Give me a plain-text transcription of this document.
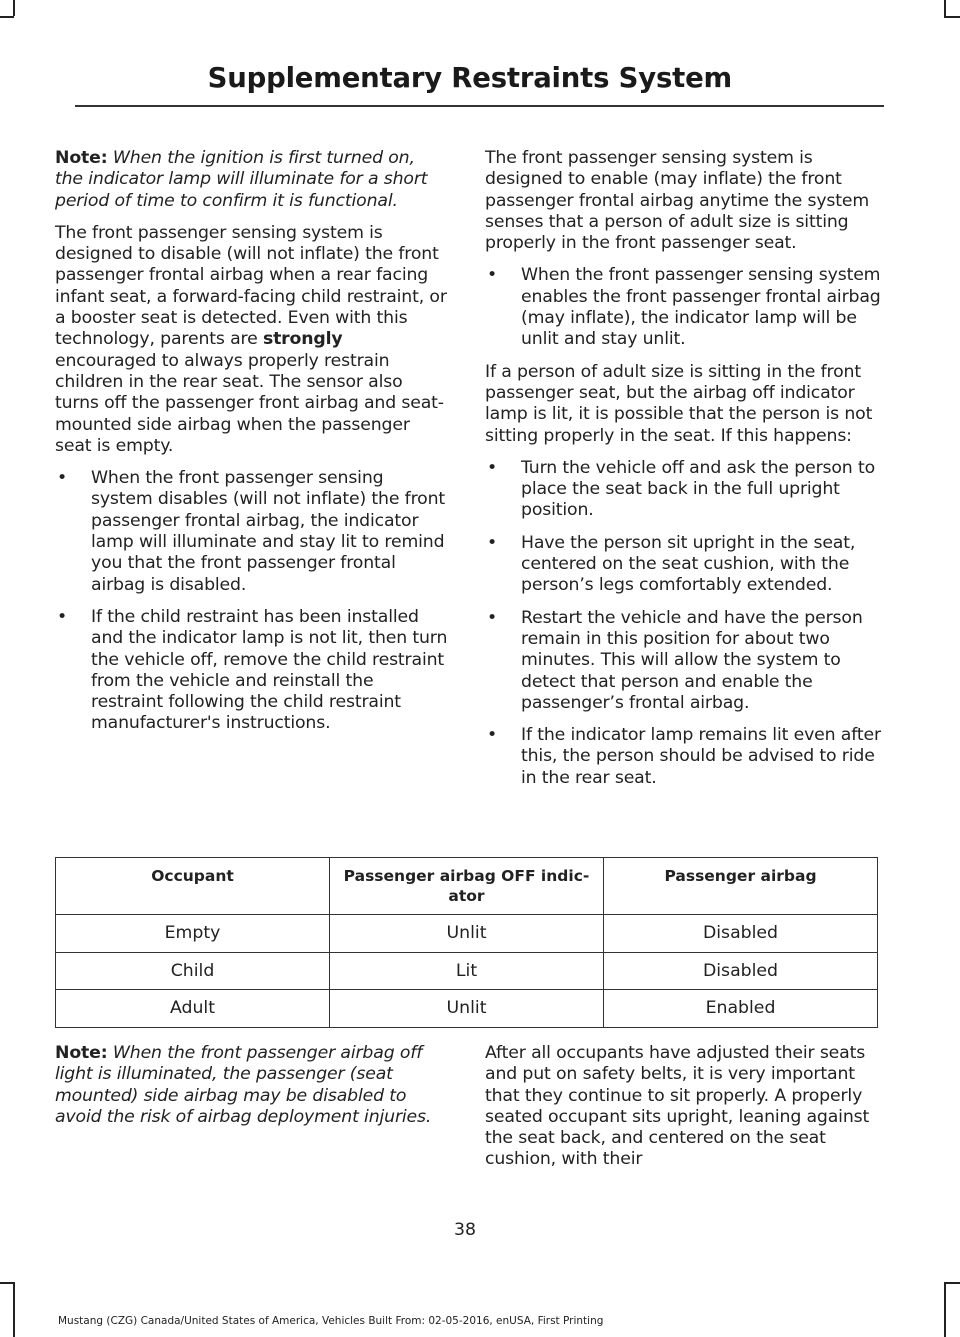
Supplementary Restraints System

Note: When the ignition is first turned on, the indicator lamp will illuminate for a short period of time to confirm it is functional.

The front passenger sensing system is designed to disable (will not inflate) the front passenger frontal airbag when a rear facing infant seat, a forward-facing child restraint, or a booster seat is detected. Even with this technology, parents are strongly encouraged to always properly restrain children in the rear seat. The sensor also turns off the passenger front airbag and seat-mounted side airbag when the passenger seat is empty.

• When the front passenger sensing system disables (will not inflate) the front passenger frontal airbag, the indicator lamp will illuminate and stay lit to remind you that the front passenger frontal airbag is disabled.
• If the child restraint has been installed and the indicator lamp is not lit, then turn the vehicle off, remove the child restraint from the vehicle and reinstall the restraint following the child restraint manufacturer's instructions.

The front passenger sensing system is designed to enable (may inflate) the front passenger frontal airbag anytime the system senses that a person of adult size is sitting properly in the front passenger seat.

• When the front passenger sensing system enables the front passenger frontal airbag (may inflate), the indicator lamp will be unlit and stay unlit.

If a person of adult size is sitting in the front passenger seat, but the airbag off indicator lamp is lit, it is possible that the person is not sitting properly in the seat. If this happens:

• Turn the vehicle off and ask the person to place the seat back in the full upright position.
• Have the person sit upright in the seat, centered on the seat cushion, with the person’s legs comfortably extended.
• Restart the vehicle and have the person remain in this position for about two minutes. This will allow the system to detect that person and enable the passenger’s frontal airbag.
• If the indicator lamp remains lit even after this, the person should be advised to ride in the rear seat.
Occupant	Passenger airbag OFF indic-ator	Passenger airbag
Empty	Unlit	Disabled
Child	Lit	Disabled
Adult	Unlit	Enabled

Note: When the front passenger airbag off light is illuminated, the passenger (seat mounted) side airbag may be disabled to avoid the risk of airbag deployment injuries.

After all occupants have adjusted their seats and put on safety belts, it is very important that they continue to sit properly. A properly seated occupant sits upright, leaning against the seat back, and centered on the seat cushion, with their

38
Mustang (CZG) Canada/United States of America, Vehicles Built From: 02-05-2016, enUSA, First Printing
